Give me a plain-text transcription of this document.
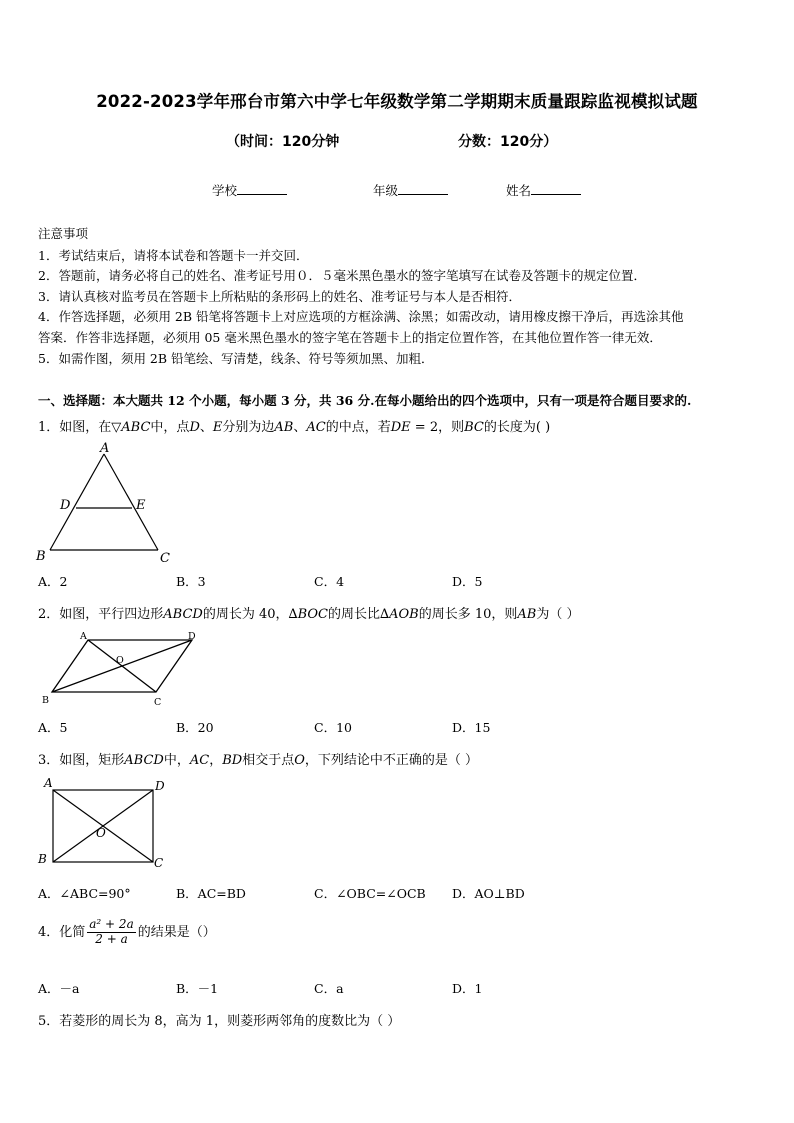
2022-2023学年邢台市第六中学七年级数学第二学期期末质量跟踪监视模拟试题
（时间：120分钟	分数：120分）
学校	年级	姓名
注意事项
1．考试结束后，请将本试卷和答题卡一并交回．
2．答题前，请务必将自己的姓名、准考证号用０．５毫米黑色墨水的签字笔填写在试卷及答题卡的规定位置．
3．请认真核对监考员在答题卡上所粘贴的条形码上的姓名、准考证号与本人是否相符．
4．作答选择题，必须用 2B 铅笔将答题卡上对应选项的方框涂满、涂黑；如需改动，请用橡皮擦干净后，再选涂其他
答案．作答非选择题，必须用 05 毫米黑色墨水的签字笔在答题卡上的指定位置作答，在其他位置作答一律无效．
5．如需作图，须用 2B 铅笔绘、写清楚，线条、符号等须加黑、加粗．
一、选择题：本大题共 12 个小题，每小题 3 分，共 36 分.在每小题给出的四个选项中，只有一项是符合题目要求的.
1．如图，在▽ABC中，点D、E分别为边AB、AC的中点，若DE = 2，则BC的长度为( )
A
D	E
B	C
A．2	B．3	C．4	D．5
2．如图，平行四边形ABCD的周长为 40，∆BOC的周长比∆AOB的周长多 10，则AB为（ ）
A	D
O
B	C
A．5	B．20	C．10	D．15
3．如图，矩形ABCD中，AC，BD相交于点O，下列结论中不正确的是（ ）
A	D
O
B	C
A．∠ABC=90°	B．AC=BD	C．∠OBC=∠OCB D．AO⊥BD
4．化简 $\frac{\text{a² + 2a}}{2 + a}$ 的结果是（）
A．－a	B．－1	C．a	D．1
5．若菱形的周长为 8，高为 1，则菱形两邻角的度数比为（ ）
